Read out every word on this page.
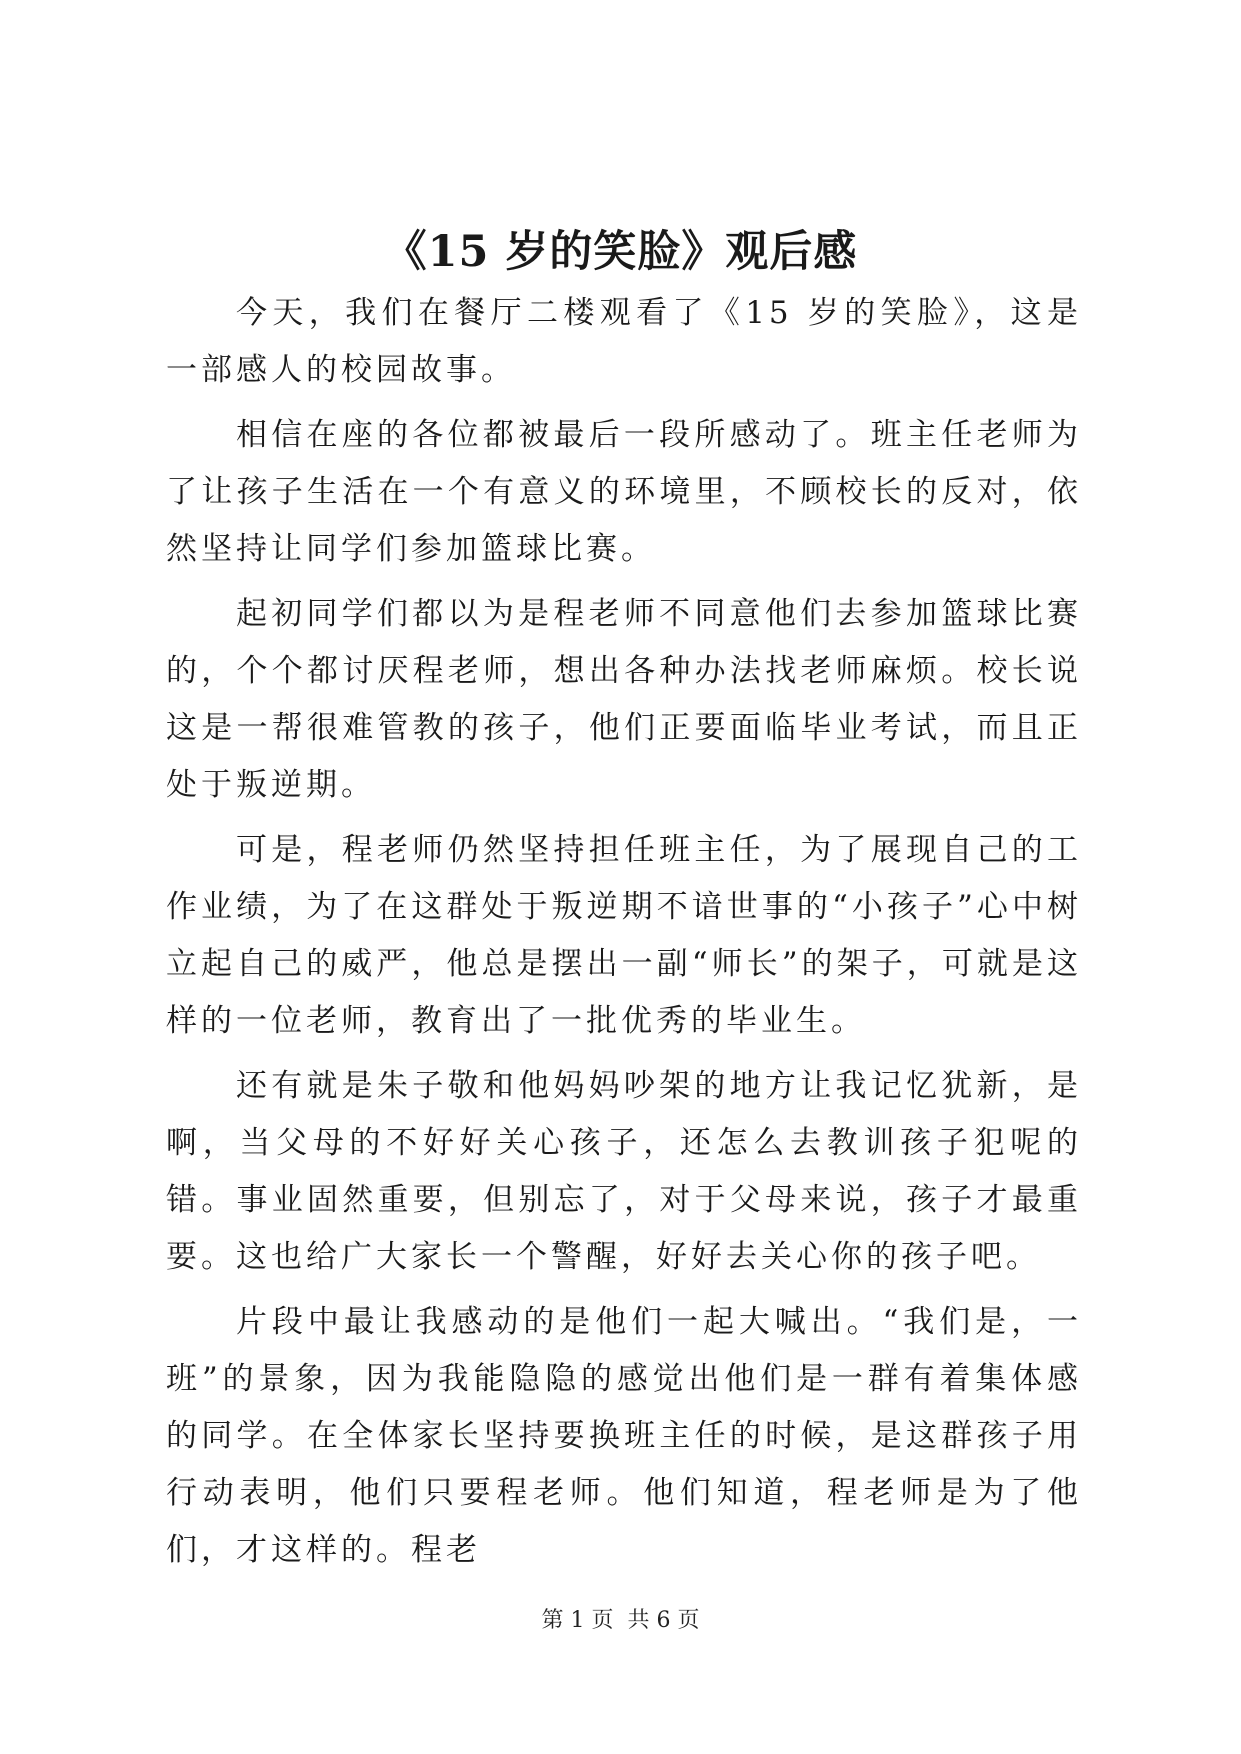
《15 岁的笑脸》观后感

今天，我们在餐厅二楼观看了《15 岁的笑脸》，这是一部感人的校园故事。

相信在座的各位都被最后一段所感动了。班主任老师为了让孩子生活在一个有意义的环境里，不顾校长的反对，依然坚持让同学们参加篮球比赛。

起初同学们都以为是程老师不同意他们去参加篮球比赛的，个个都讨厌程老师，想出各种办法找老师麻烦。校长说这是一帮很难管教的孩子，他们正要面临毕业考试，而且正处于叛逆期。

可是，程老师仍然坚持担任班主任，为了展现自己的工作业绩，为了在这群处于叛逆期不谙世事的“小孩子”心中树立起自己的威严，他总是摆出一副“师长”的架子，可就是这样的一位老师，教育出了一批优秀的毕业生。

还有就是朱子敬和他妈妈吵架的地方让我记忆犹新，是啊，当父母的不好好关心孩子，还怎么去教训孩子犯呢的错。事业固然重要，但别忘了，对于父母来说，孩子才最重要。这也给广大家长一个警醒，好好去关心你的孩子吧。

片段中最让我感动的是他们一起大喊出。“我们是，一班”的景象，因为我能隐隐的感觉出他们是一群有着集体感的同学。在全体家长坚持要换班主任的时候，是这群孩子用行动表明，他们只要程老师。他们知道，程老师是为了他们，才这样的。程老

第 1 页  共 6 页
